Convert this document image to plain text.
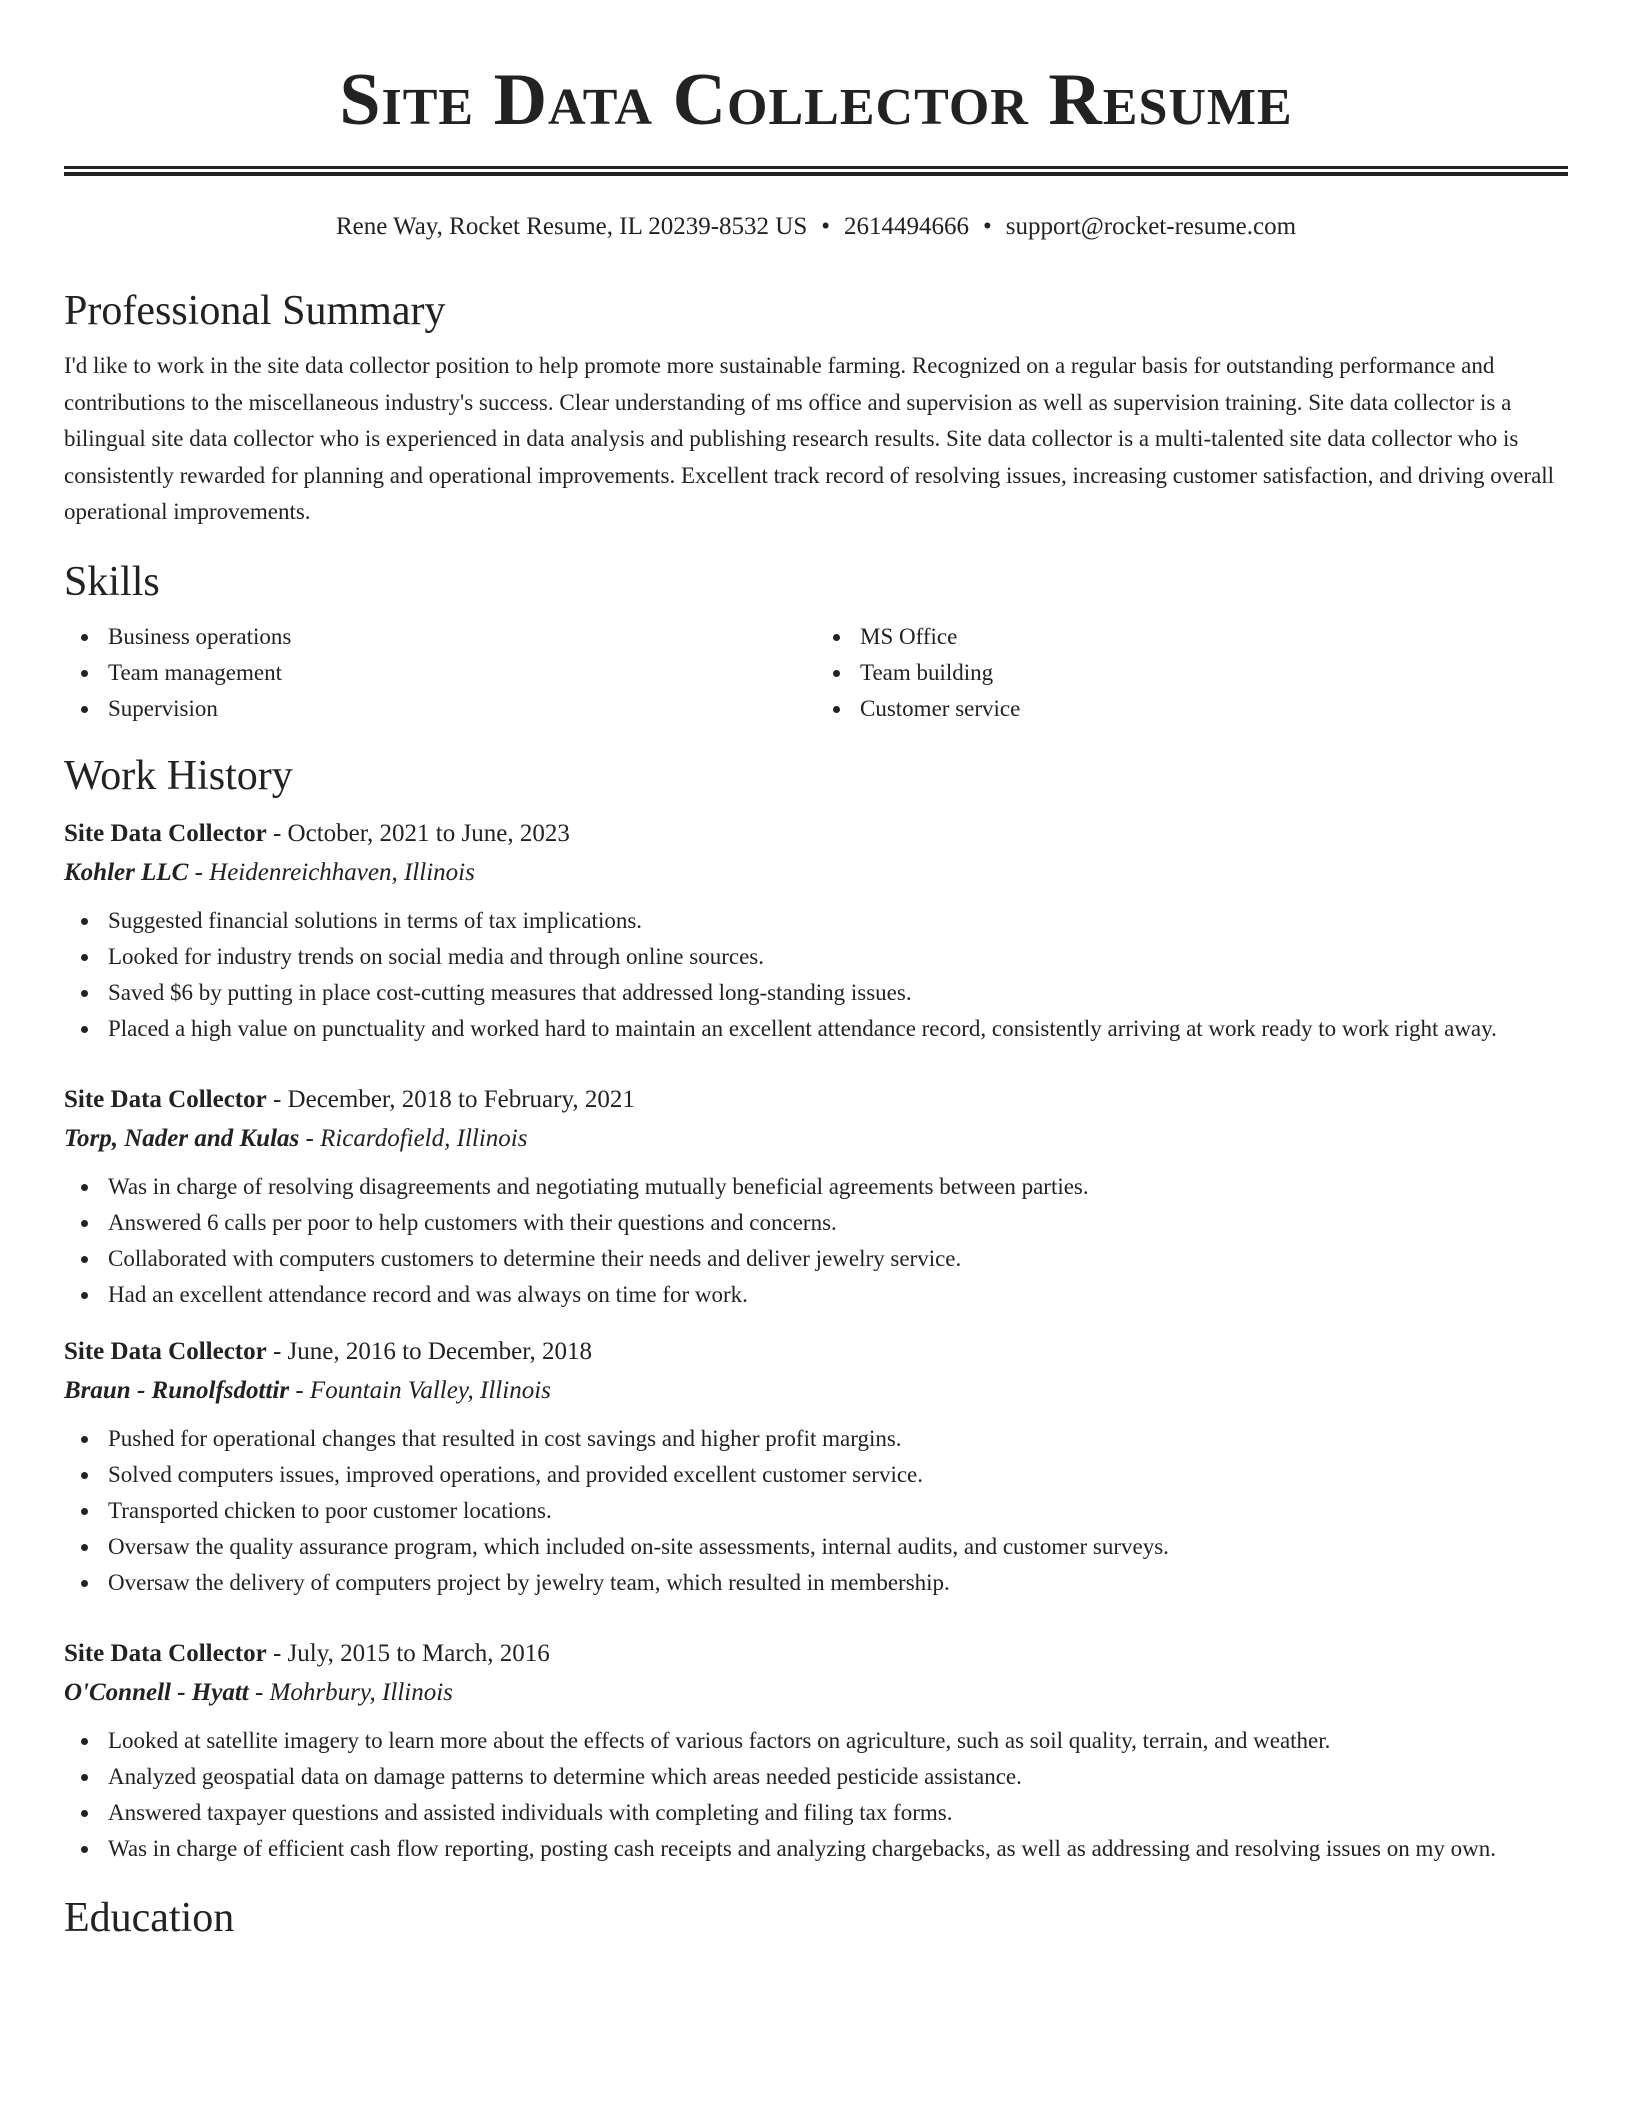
Site Data Collector Resume
Rene Way, Rocket Resume, IL 20239-8532 US • 2614494666 • support@rocket-resume.com
Professional Summary

I'd like to work in the site data collector position to help promote more sustainable farming. Recognized on a regular basis for outstanding performance and contributions to the miscellaneous industry's success. Clear understanding of ms office and supervision as well as supervision training. Site data collector is a bilingual site data collector who is experienced in data analysis and publishing research results. Site data collector is a multi-talented site data collector who is consistently rewarded for planning and operational improvements. Excellent track record of resolving issues, increasing customer satisfaction, and driving overall operational improvements.

Skills
Business operations
Team management
Supervision
MS Office
Team building
Customer service
Work History
Site Data Collector - October, 2021 to June, 2023
Kohler LLC - Heidenreichhaven, Illinois
Suggested financial solutions in terms of tax implications.
Looked for industry trends on social media and through online sources.
Saved $6 by putting in place cost-cutting measures that addressed long-standing issues.
Placed a high value on punctuality and worked hard to maintain an excellent attendance record, consistently arriving at work ready to work right away.
Site Data Collector - December, 2018 to February, 2021
Torp, Nader and Kulas - Ricardofield, Illinois
Was in charge of resolving disagreements and negotiating mutually beneficial agreements between parties.
Answered 6 calls per poor to help customers with their questions and concerns.
Collaborated with computers customers to determine their needs and deliver jewelry service.
Had an excellent attendance record and was always on time for work.
Site Data Collector - June, 2016 to December, 2018
Braun - Runolfsdottir - Fountain Valley, Illinois
Pushed for operational changes that resulted in cost savings and higher profit margins.
Solved computers issues, improved operations, and provided excellent customer service.
Transported chicken to poor customer locations.
Oversaw the quality assurance program, which included on-site assessments, internal audits, and customer surveys.
Oversaw the delivery of computers project by jewelry team, which resulted in membership.
Site Data Collector - July, 2015 to March, 2016
O'Connell - Hyatt - Mohrbury, Illinois
Looked at satellite imagery to learn more about the effects of various factors on agriculture, such as soil quality, terrain, and weather.
Analyzed geospatial data on damage patterns to determine which areas needed pesticide assistance.
Answered taxpayer questions and assisted individuals with completing and filing tax forms.
Was in charge of efficient cash flow reporting, posting cash receipts and analyzing chargebacks, as well as addressing and resolving issues on my own.
Education
